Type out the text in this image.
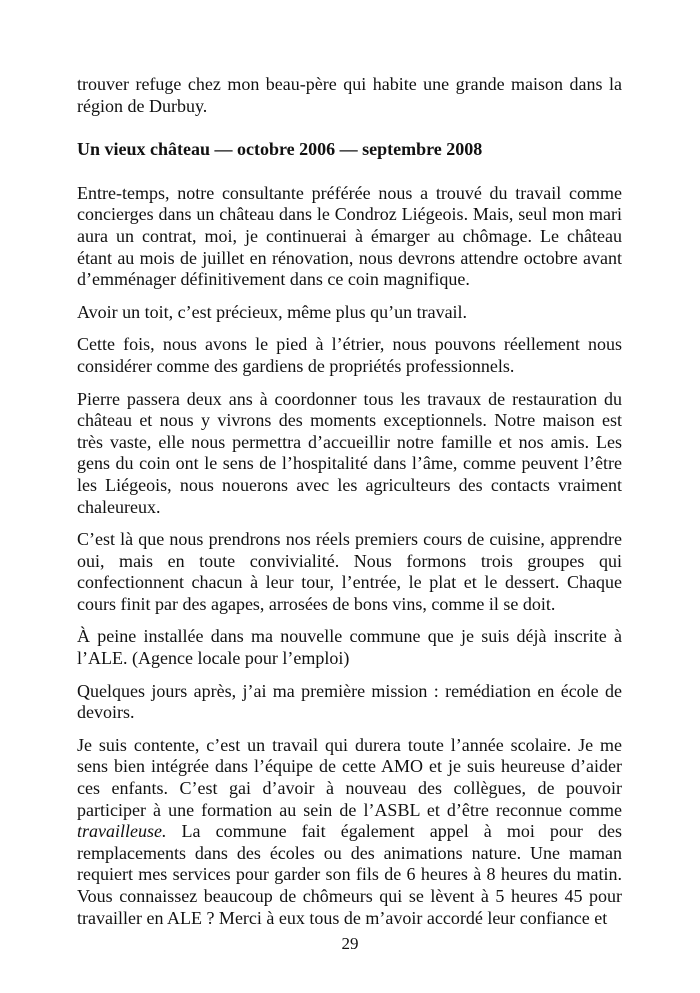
trouver refuge chez mon beau-père qui habite une grande maison dans la région de Durbuy.

Un vieux château — octobre 2006 — septembre 2008

Entre-temps, notre consultante préférée nous a trouvé du travail comme concierges dans un château dans le Condroz Liégeois. Mais, seul mon mari aura un contrat, moi, je continuerai à émarger au chômage. Le château étant au mois de juillet en rénovation, nous devrons attendre octobre avant d’emménager définitivement dans ce coin magnifique.

Avoir un toit, c’est précieux, même plus qu’un travail.

Cette fois, nous avons le pied à l’étrier, nous pouvons réellement nous considérer comme des gardiens de propriétés professionnels.

Pierre passera deux ans à coordonner tous les travaux de restauration du château et nous y vivrons des moments exceptionnels. Notre maison est très vaste, elle nous permettra d’accueillir notre famille et nos amis. Les gens du coin ont le sens de l’hospitalité dans l’âme, comme peuvent l’être les Liégeois, nous nouerons avec les agriculteurs des contacts vraiment chaleureux.

C’est là que nous prendrons nos réels premiers cours de cuisine, apprendre oui, mais en toute convivialité. Nous formons trois groupes qui confectionnent chacun à leur tour, l’entrée, le plat et le dessert. Chaque cours finit par des agapes, arrosées de bons vins, comme il se doit.

À peine installée dans ma nouvelle commune que je suis déjà inscrite à l’ALE. (Agence locale pour l’emploi)

Quelques jours après, j’ai ma première mission : remédiation en école de devoirs.

Je suis contente, c’est un travail qui durera toute l’année scolaire. Je me sens bien intégrée dans l’équipe de cette AMO et je suis heureuse d’aider ces enfants. C’est gai d’avoir à nouveau des collègues, de pouvoir participer à une formation au sein de l’ASBL et d’être reconnue comme travailleuse. La commune fait également appel à moi pour des remplacements dans des écoles ou des animations nature. Une maman requiert mes services pour garder son fils de 6 heures à 8 heures du matin. Vous connaissez beaucoup de chômeurs qui se lèvent à 5 heures 45 pour travailler en ALE ? Merci à eux tous de m’avoir accordé leur confiance et

29
